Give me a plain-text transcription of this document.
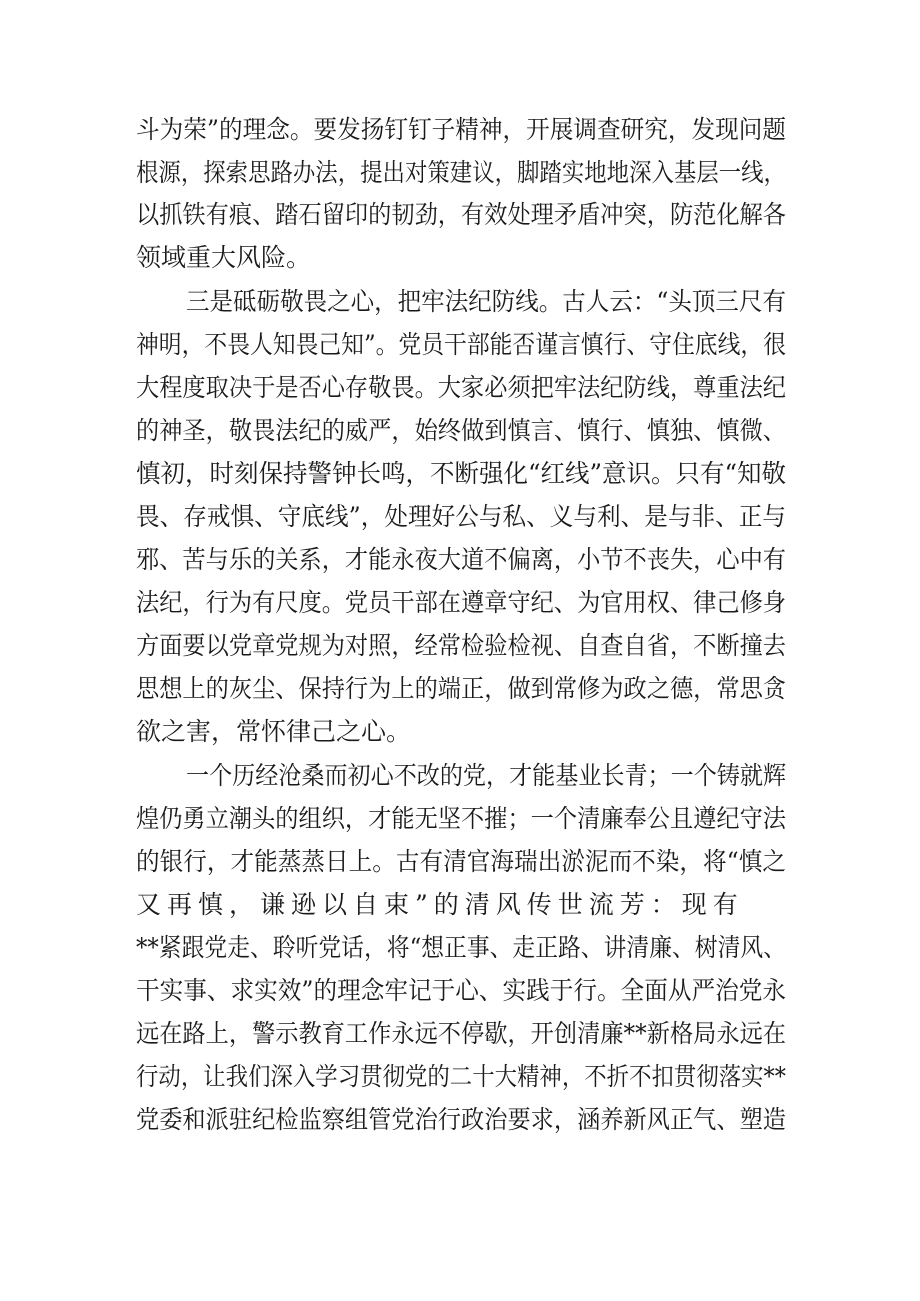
斗为荣”的理念。要发扬钉钉子精神，开展调查研究，发现问题
根源，探索思路办法，提出对策建议，脚踏实地地深入基层一线，
以抓铁有痕、踏石留印的韧劲，有效处理矛盾冲突，防范化解各
领域重大风险。
三是砥砺敬畏之心，把牢法纪防线。古人云：“头顶三尺有
神明，不畏人知畏己知”。党员干部能否谨言慎行、守住底线，很
大程度取决于是否心存敬畏。大家必须把牢法纪防线，尊重法纪
的神圣，敬畏法纪的威严，始终做到慎言、慎行、慎独、慎微、
慎初，时刻保持警钟长鸣，不断强化“红线”意识。只有“知敬
畏、存戒惧、守底线”，处理好公与私、义与利、是与非、正与
邪、苦与乐的关系，才能永夜大道不偏离，小节不丧失，心中有
法纪，行为有尺度。党员干部在遵章守纪、为官用权、律己修身
方面要以党章党规为对照，经常检验检视、自查自省，不断撞去
思想上的灰尘、保持行为上的端正，做到常修为政之德，常思贪
欲之害，常怀律己之心。
一个历经沧桑而初心不改的党，才能基业长青；一个铸就辉
煌仍勇立潮头的组织，才能无坚不摧；一个清廉奉公且遵纪守法
的银行，才能蒸蒸日上。古有清官海瑞出淤泥而不染，将“慎之
又再慎，谦逊以自束”的清风传世流芳：现有
**紧跟党走、聆听党话，将“想正事、走正路、讲清廉、树清风、
干实事、求实效”的理念牢记于心、实践于行。全面从严治党永
远在路上，警示教育工作永远不停歇，开创清廉**新格局永远在
行动，让我们深入学习贯彻党的二十大精神，不折不扣贯彻落实**
党委和派驻纪检监察组管党治行政治要求，涵养新风正气、塑造
